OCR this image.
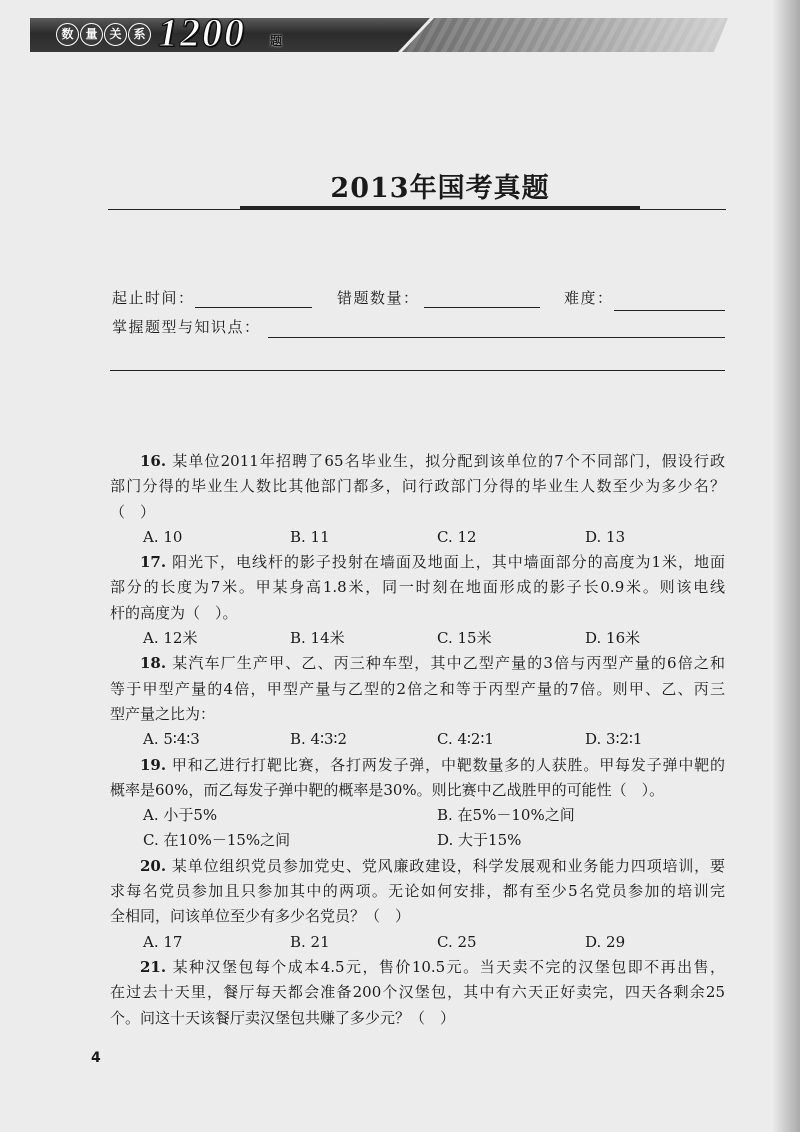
数 量 关 系 1200 题
2013年国考真题
起止时间：	错题数量：	难度：
掌握题型与知识点：
16. 某单位2011年招聘了65名毕业生，拟分配到该单位的7个不同部门，假设行政
部门分得的毕业生人数比其他部门都多，问行政部门分得的毕业生人数至少为多少名？
（　）
A. 10	B. 11	C. 12	D. 13
17. 阳光下，电线杆的影子投射在墙面及地面上，其中墙面部分的高度为1米，地面
部分的长度为7米。甲某身高1.8米，同一时刻在地面形成的影子长0.9米。则该电线
杆的高度为（　）。
A. 12米	B. 14米	C. 15米	D. 16米
18. 某汽车厂生产甲、乙、丙三种车型，其中乙型产量的3倍与丙型产量的6倍之和
等于甲型产量的4倍，甲型产量与乙型的2倍之和等于丙型产量的7倍。则甲、乙、丙三
型产量之比为：
A. 5∶4∶3	B. 4∶3∶2	C. 4∶2∶1	D. 3∶2∶1
19. 甲和乙进行打靶比赛，各打两发子弹，中靶数量多的人获胜。甲每发子弹中靶的
概率是60%，而乙每发子弹中靶的概率是30%。则比赛中乙战胜甲的可能性（　）。
A. 小于5%	B. 在5%－10%之间
C. 在10%－15%之间	D. 大于15%
20. 某单位组织党员参加党史、党风廉政建设，科学发展观和业务能力四项培训，要
求每名党员参加且只参加其中的两项。无论如何安排，都有至少5名党员参加的培训完
全相同，问该单位至少有多少名党员？（　）
A. 17	B. 21	C. 25	D. 29
21. 某种汉堡包每个成本4.5元，售价10.5元。当天卖不完的汉堡包即不再出售，
在过去十天里，餐厅每天都会准备200个汉堡包，其中有六天正好卖完，四天各剩余25
个。问这十天该餐厅卖汉堡包共赚了多少元？（　）
4
